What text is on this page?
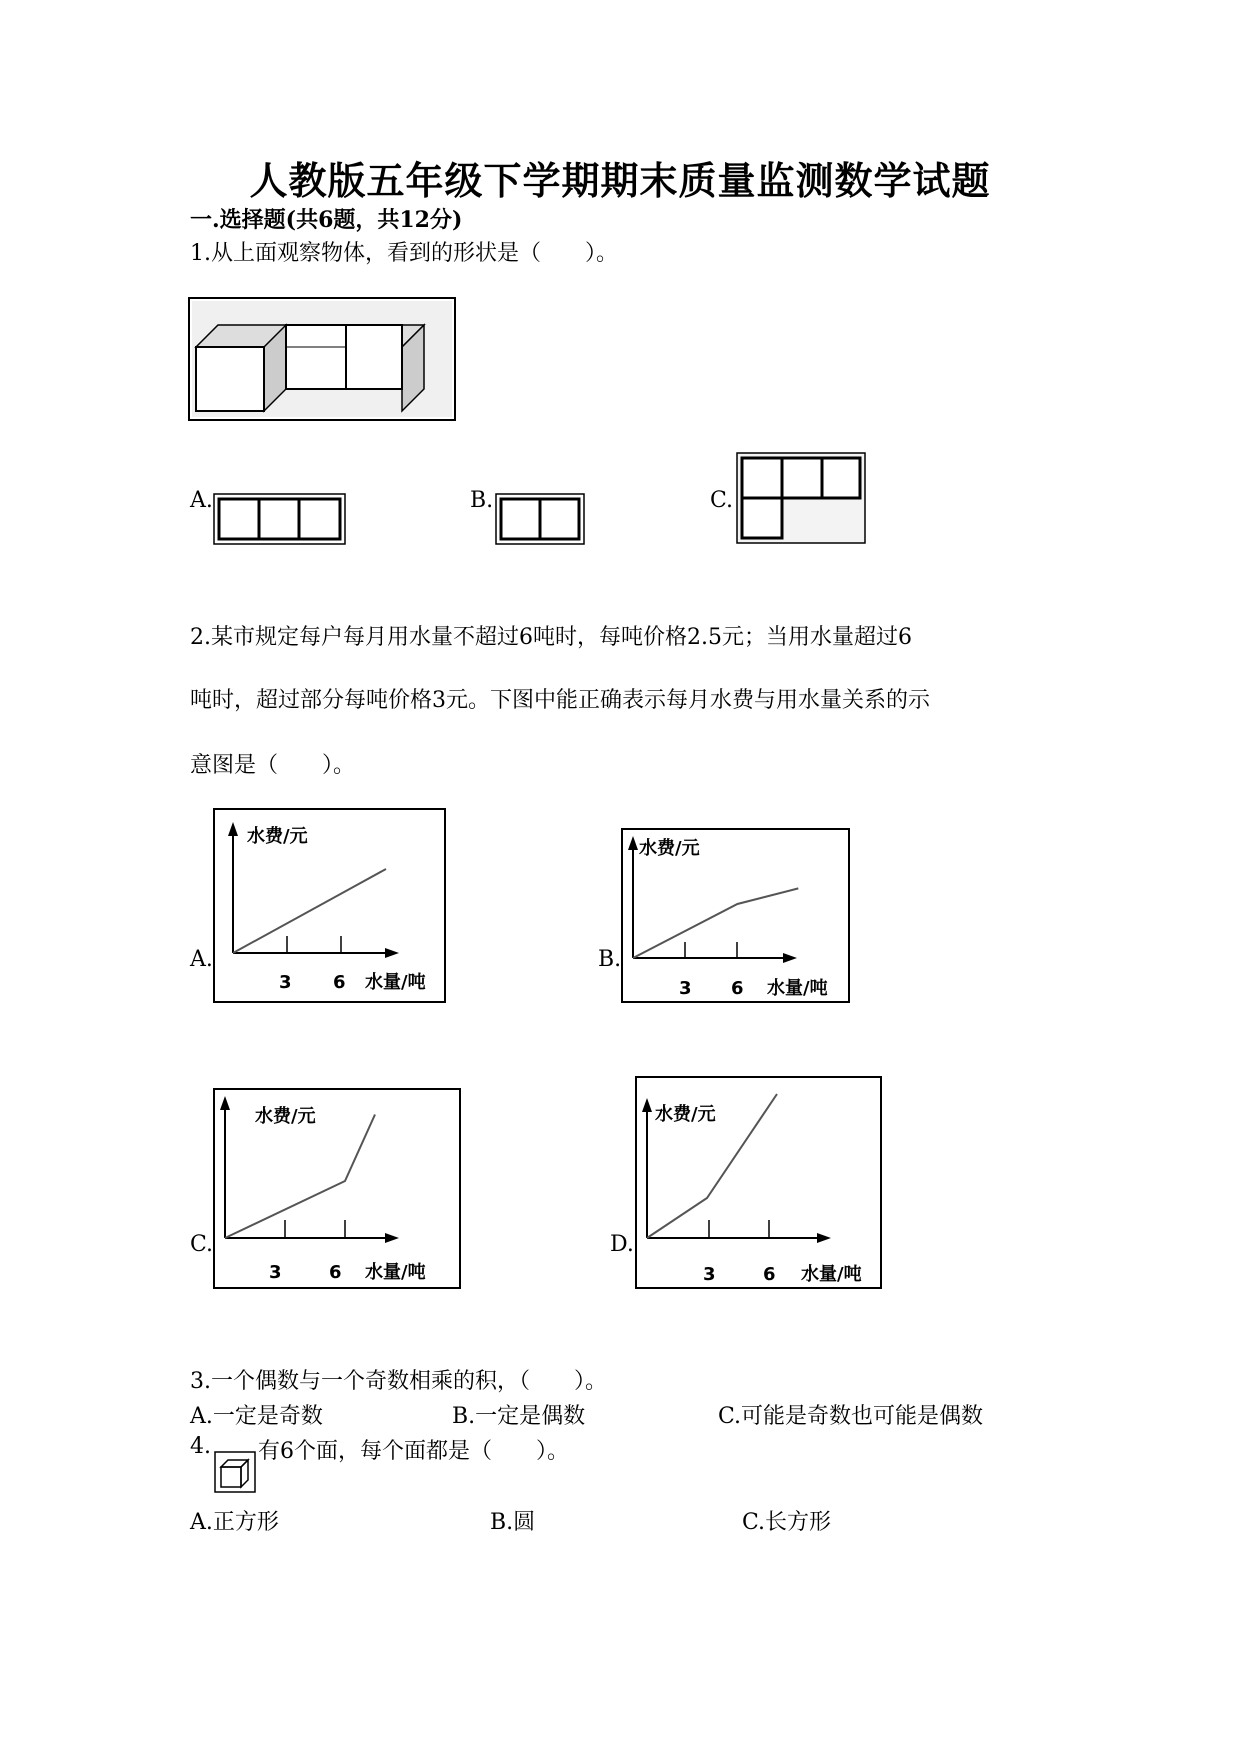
人教版五年级下学期期末质量监测数学试题
一.选择题(共6题，共12分)
1.从上面观察物体，看到的形状是（　　）。
A.	B.	C.
2.某市规定每户每月用水量不超过6吨时，每吨价格2.5元；当用水量超过6
吨时，超过部分每吨价格3元。下图中能正确表示每月水费与用水量关系的示
意图是（　　）。
A.	B.
C.	D.
水费/元
3 6 水量/吨
水费/元
3 6 水量/吨
水费/元
3	6 水量/吨
水费/元
3	6 水量/吨
3.一个偶数与一个奇数相乘的积，（　　）。
A.一定是奇数	B.一定是偶数	C.可能是奇数也可能是偶数
4. 有6个面，每个面都是（　　）。
A.正方形	B.圆	C.长方形
